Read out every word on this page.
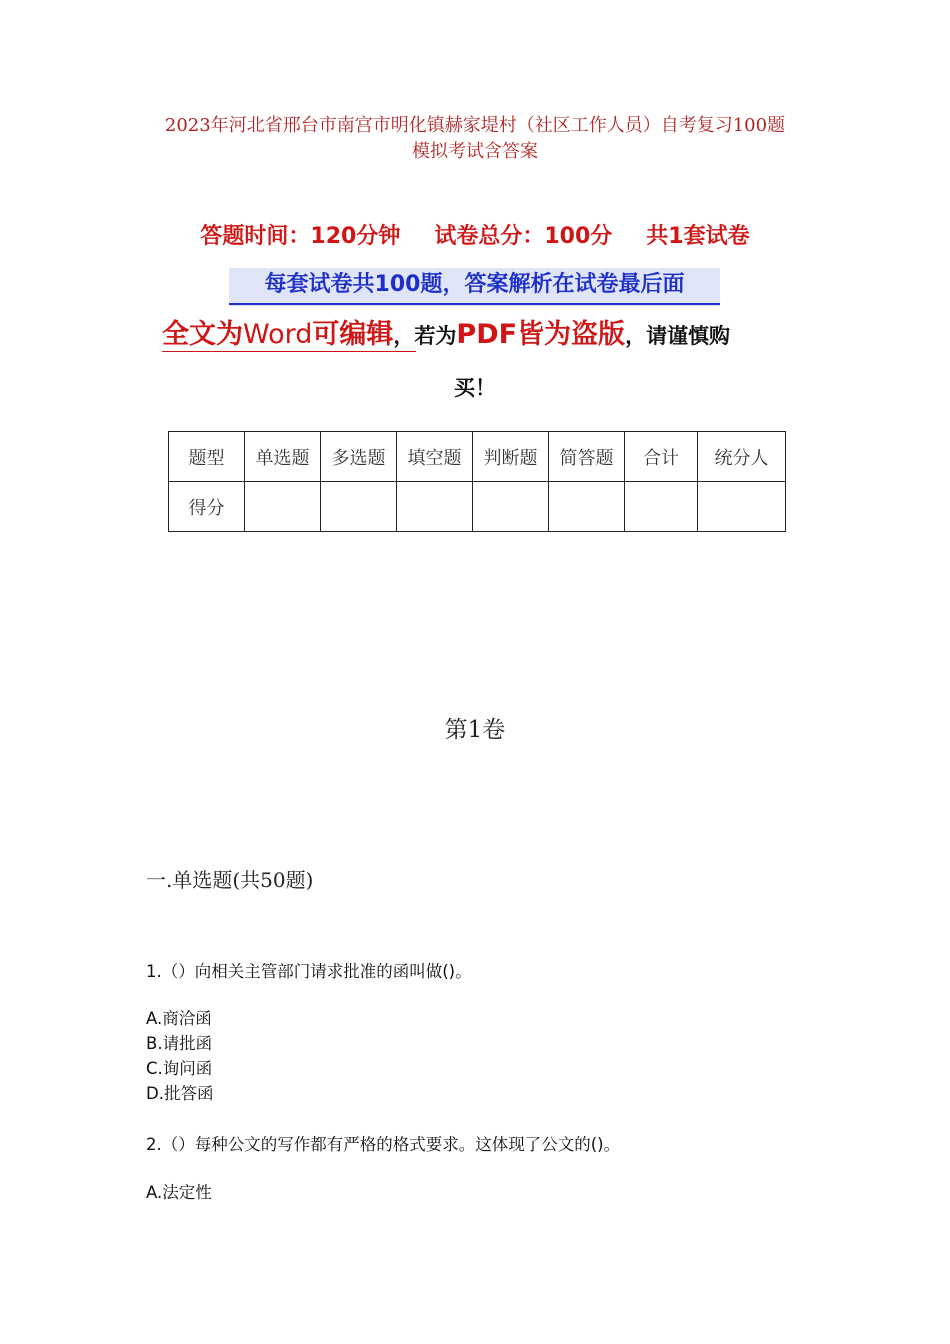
2023年河北省邢台市南宫市明化镇赫家堤村（社区工作人员）自考复习100题
模拟考试含答案
答题时间：120分钟 试卷总分：100分 共1套试卷
每套试卷共100题，答案解析在试卷最后面
全文为Word可编辑，若为PDF皆为盗版，请谨慎购
买！
题型	单选题	多选题	填空题	判断题	简答题	合计	统分人
得分							
第1卷
一.单选题(共50题)
1.（）向相关主管部门请求批准的函叫做()。
A.商洽函
B.请批函
C.询问函
D.批答函
2.（）每种公文的写作都有严格的格式要求。这体现了公文的()。
A.法定性
